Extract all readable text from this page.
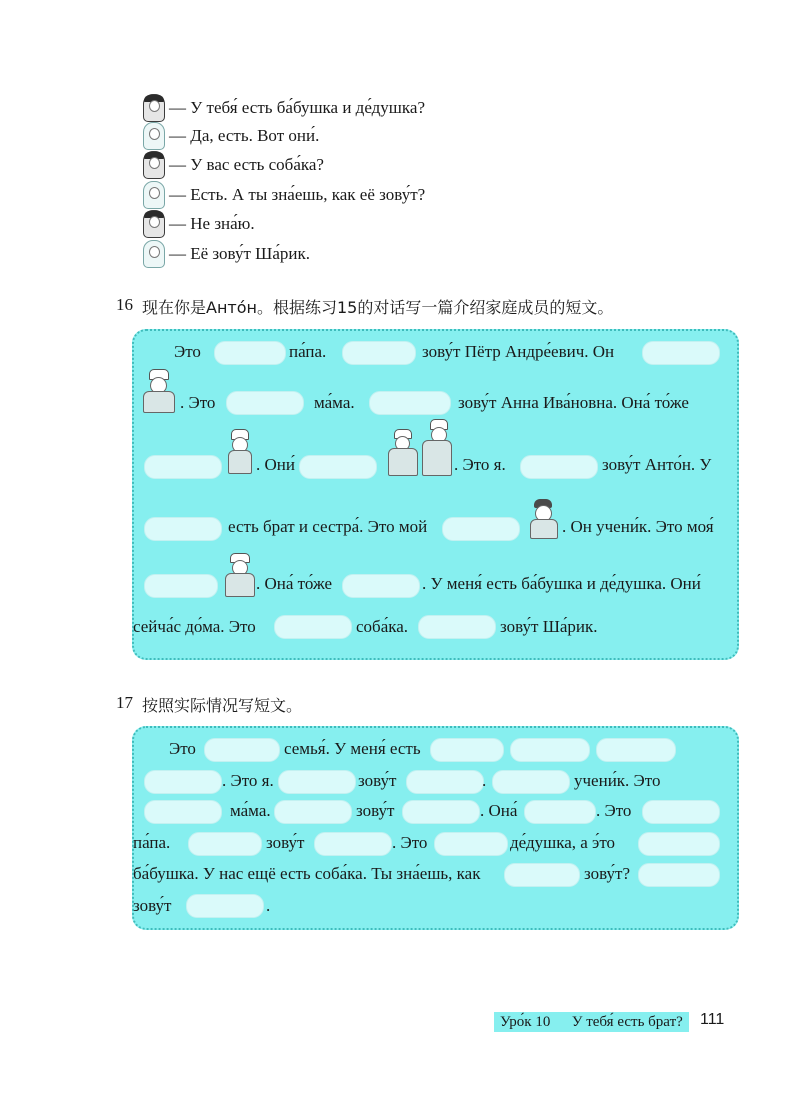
— У тебя́ есть ба́бушка и де́душка?
— Да, есть. Вот они́.
— У вас есть соба́ка?
— Есть. А ты зна́ешь, как её зову́т?
— Не зна́ю.
— Её зову́т Ша́рик.
16 现在你是Анто́н。根据练习15的对话写一篇介绍家庭成员的短文。
Это	па́па.	зову́т Пётр Андре́евич. Он
. Это	ма́ма.	зову́т Анна Ива́новна. Она́ то́же
. Они́	. Это я.	зову́т Анто́н. У
есть брат и сестра́. Это мой	. Он учени́к. Это моя́
. Она́ то́же	. У меня́ есть ба́бушка и де́душка. Они́
сейча́с до́ма. Это	соба́ка.	зову́т Ша́рик.
17 按照实际情况写短文。
Это	семья́. У меня́ есть
. Это я.	зову́т	.	учени́к. Это
ма́ма.	зову́т	. Она́	. Это
па́па.	зову́т	. Это	де́душка, а э́то
ба́бушка. У нас ещё есть соба́ка. Ты зна́ешь, как	зову́т?
зову́т	.
Уро́к 10 У тебя́ есть брат?	111
